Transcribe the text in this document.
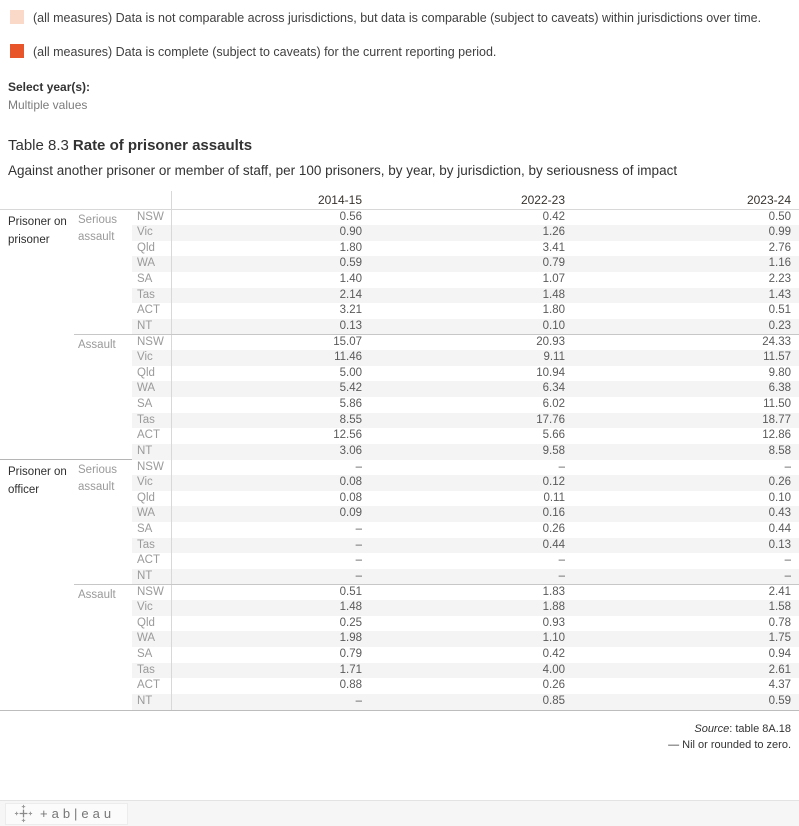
(all measures) Data is not comparable across jurisdictions, but data is comparable (subject to caveats) within jurisdictions over time.
(all measures) Data is complete (subject to caveats) for the current reporting period.
Select year(s):
Multiple values
Table 8.3 Rate of prisoner assaults
Against another prisoner or member of staff, per 100 prisoners, by year, by jurisdiction, by seriousness of impact
2014-15	2022-23	2023-24
Prisoner on prisoner
Serious assault
NSW	0.56	0.42	0.50
Vic	0.90	1.26	0.99
Qld	1.80	3.41	2.76
WA	0.59	0.79	1.16
SA	1.40	1.07	2.23
Tas	2.14	1.48	1.43
ACT	3.21	1.80	0.51
NT	0.13	0.10	0.23
Assault	NSW	15.07	20.93	24.33
Vic	11.46	9.11	11.57
Qld	5.00	10.94	9.80
WA	5.42	6.34	6.38
SA	5.86	6.02	11.50
Tas	8.55	17.76	18.77
ACT	12.56	5.66	12.86
NT	3.06	9.58	8.58
Prisoner on officer
Serious assault
NSW	–	–	–
Vic	0.08	0.12	0.26
Qld	0.08	0.11	0.10
WA	0.09	0.16	0.43
SA	–	0.26	0.44
Tas	–	0.44	0.13
ACT	–	–	–
NT	–	–	–
Assault	NSW	0.51	1.83	2.41
Vic	1.48	1.88	1.58
Qld	0.25	0.93	0.78
WA	1.98	1.10	1.75
SA	0.79	0.42	0.94
Tas	1.71	4.00	2.61
ACT	0.88	0.26	4.37
NT	–	0.85	0.59
Source: table 8A.18
— Nil or rounded to zero.
+ab|eau
